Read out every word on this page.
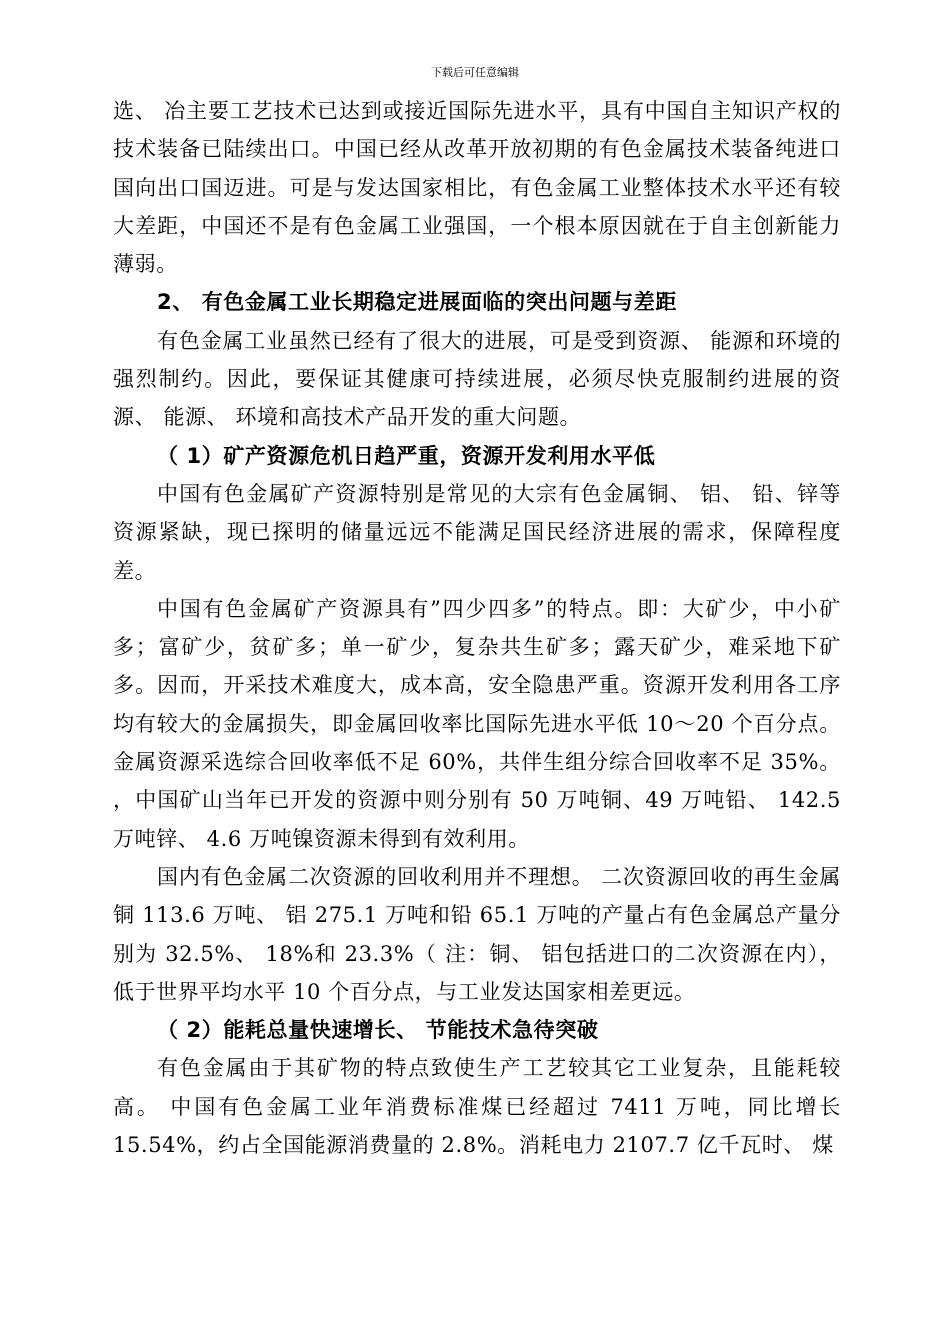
下载后可任意编辑

选、 冶主要工艺技术已达到或接近国际先进水平，具有中国自主知识产权的技术装备已陆续出口。中国已经从改革开放初期的有色金属技术装备纯进口国向出口国迈进。可是与发达国家相比，有色金属工业整体技术水平还有较大差距，中国还不是有色金属工业强国，一个根本原因就在于自主创新能力薄弱。

2、 有色金属工业长期稳定进展面临的突出问题与差距

有色金属工业虽然已经有了很大的进展，可是受到资源、 能源和环境的强烈制约。因此，要保证其健康可持续进展，必须尽快克服制约进展的资源、 能源、 环境和高技术产品开发的重大问题。

（ 1）矿产资源危机日趋严重，资源开发利用水平低

中国有色金属矿产资源特别是常见的大宗有色金属铜、 铝、 铅、锌等资源紧缺，现已探明的储量远远不能满足国民经济进展的需求，保障程度差。

中国有色金属矿产资源具有”四少四多”的特点。即：大矿少，中小矿多；富矿少，贫矿多；单一矿少，复杂共生矿多；露天矿少，难采地下矿多。因而，开采技术难度大，成本高，安全隐患严重。资源开发利用各工序均有较大的金属损失，即金属回收率比国际先进水平低 10～20 个百分点。金属资源采选综合回收率低不足 60%，共伴生组分综合回收率不足 35%。 ，中国矿山当年已开发的资源中则分别有 50 万吨铜、49 万吨铅、 142.5 万吨锌、 4.6 万吨镍资源未得到有效利用。

国内有色金属二次资源的回收利用并不理想。 二次资源回收的再生金属铜 113.6 万吨、 铝 275.1 万吨和铅 65.1 万吨的产量占有色金属总产量分别为 32.5%、 18%和 23.3%（ 注：铜、 铝包括进口的二次资源在内），低于世界平均水平 10 个百分点，与工业发达国家相差更远。

（ 2）能耗总量快速增长、 节能技术急待突破

有色金属由于其矿物的特点致使生产工艺较其它工业复杂，且能耗较高。 中国有色金属工业年消费标准煤已经超过 7411 万吨，同比增长 15.54%，约占全国能源消费量的 2.8%。消耗电力 2107.7 亿千瓦时、 煤
